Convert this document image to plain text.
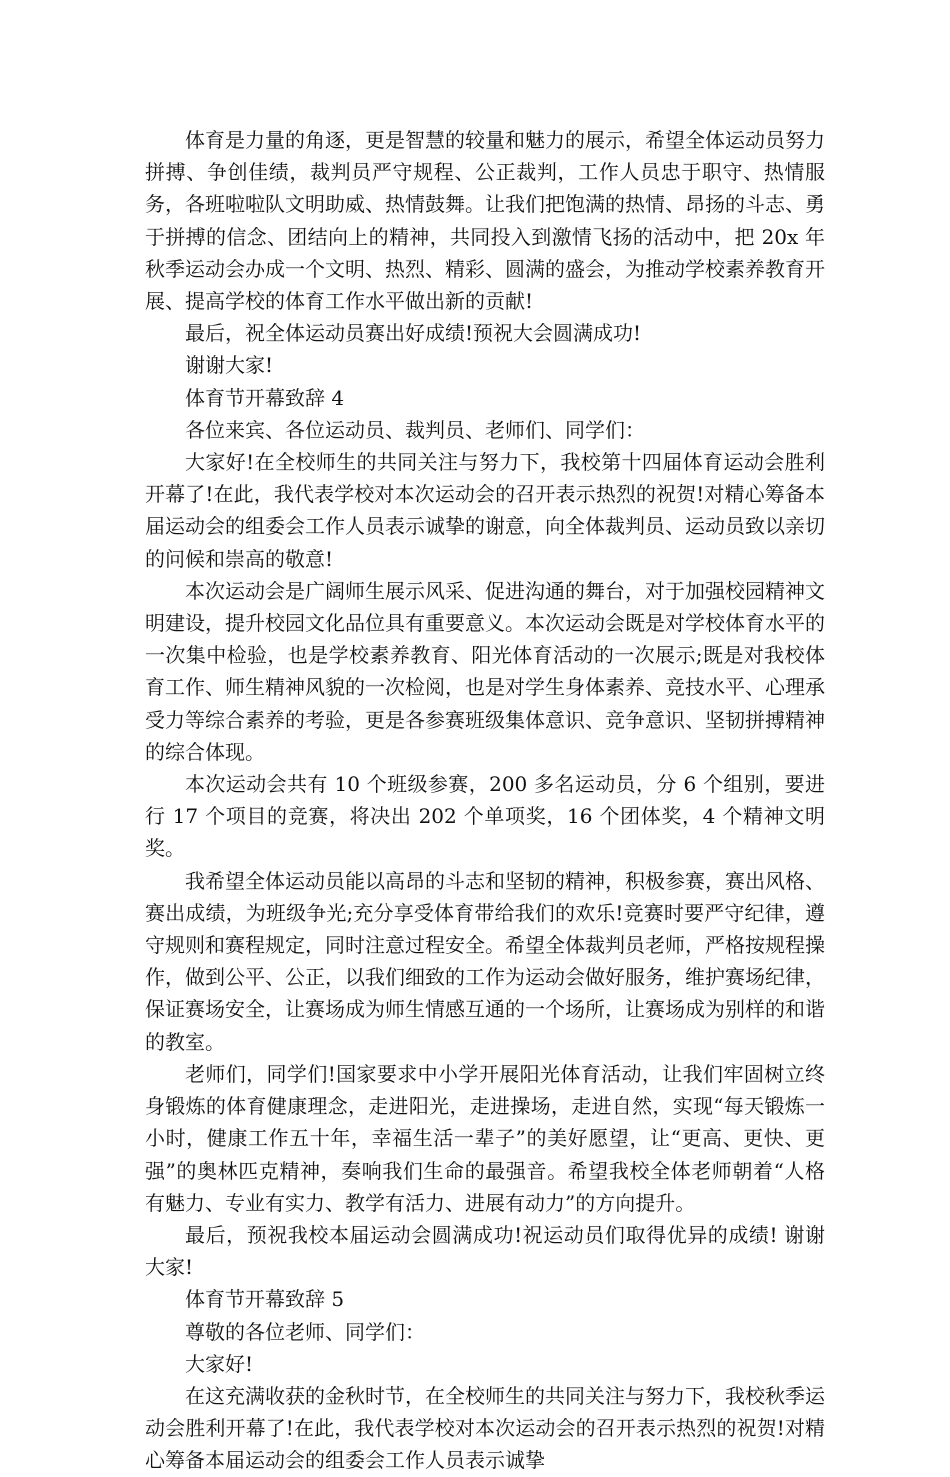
体育是力量的角逐，更是智慧的较量和魅力的展示，希望全体运动员努力拼搏、争创佳绩，裁判员严守规程、公正裁判，工作人员忠于职守、热情服务，各班啦啦队文明助威、热情鼓舞。让我们把饱满的热情、昂扬的斗志、勇于拼搏的信念、团结向上的精神，共同投入到激情飞扬的活动中，把 20x 年秋季运动会办成一个文明、热烈、精彩、圆满的盛会，为推动学校素养教育开展、提高学校的体育工作水平做出新的贡献!

最后，祝全体运动员赛出好成绩!预祝大会圆满成功!

谢谢大家!

体育节开幕致辞 4

各位来宾、各位运动员、裁判员、老师们、同学们：

大家好!在全校师生的共同关注与努力下，我校第十四届体育运动会胜利开幕了!在此，我代表学校对本次运动会的召开表示热烈的祝贺!对精心筹备本届运动会的组委会工作人员表示诚挚的谢意，向全体裁判员、运动员致以亲切的问候和崇高的敬意!

本次运动会是广阔师生展示风采、促进沟通的舞台，对于加强校园精神文明建设，提升校园文化品位具有重要意义。本次运动会既是对学校体育水平的一次集中检验，也是学校素养教育、阳光体育活动的一次展示;既是对我校体育工作、师生精神风貌的一次检阅，也是对学生身体素养、竞技水平、心理承受力等综合素养的考验，更是各参赛班级集体意识、竞争意识、坚韧拼搏精神的综合体现。

本次运动会共有 10 个班级参赛，200 多名运动员，分 6 个组别，要进行 17 个项目的竞赛，将决出 202 个单项奖，16 个团体奖，4 个精神文明奖。

我希望全体运动员能以高昂的斗志和坚韧的精神，积极参赛，赛出风格、赛出成绩，为班级争光;充分享受体育带给我们的欢乐!竞赛时要严守纪律，遵守规则和赛程规定，同时注意过程安全。希望全体裁判员老师，严格按规程操作，做到公平、公正，以我们细致的工作为运动会做好服务，维护赛场纪律，保证赛场安全，让赛场成为师生情感互通的一个场所，让赛场成为别样的和谐的教室。

老师们，同学们!国家要求中小学开展阳光体育活动，让我们牢固树立终身锻炼的体育健康理念，走进阳光，走进操场，走进自然，实现“每天锻炼一小时，健康工作五十年，幸福生活一辈子”的美好愿望，让“更高、更快、更强”的奥林匹克精神，奏响我们生命的最强音。希望我校全体老师朝着“人格有魅力、专业有实力、教学有活力、进展有动力”的方向提升。

最后，预祝我校本届运动会圆满成功!祝运动员们取得优异的成绩! 谢谢大家!

体育节开幕致辞 5

尊敬的各位老师、同学们：

大家好!

在这充满收获的金秋时节，在全校师生的共同关注与努力下，我校秋季运动会胜利开幕了!在此，我代表学校对本次运动会的召开表示热烈的祝贺!对精心筹备本届运动会的组委会工作人员表示诚挚
